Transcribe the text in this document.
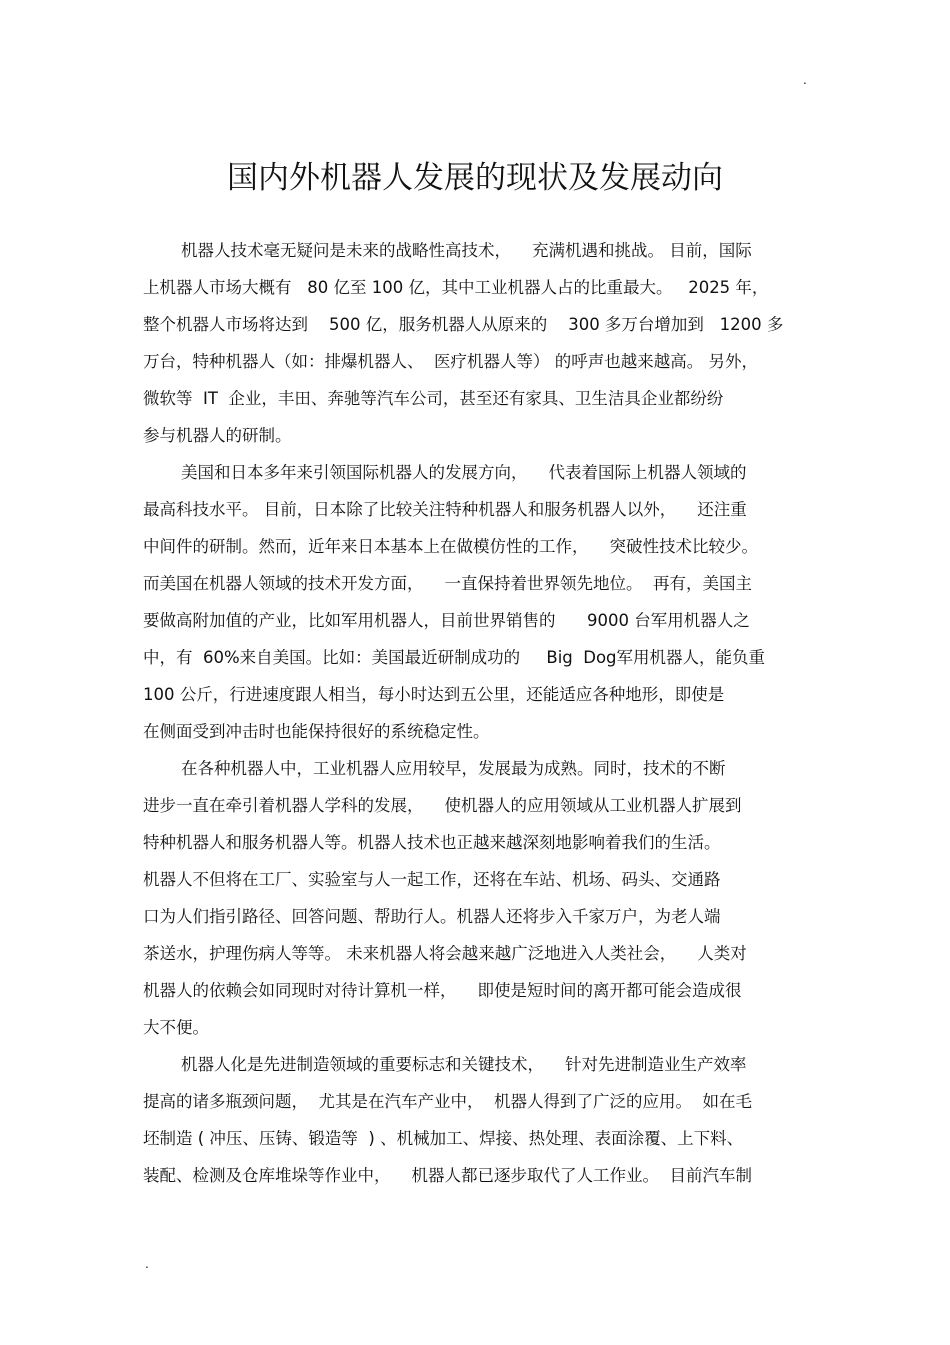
.
国内外机器人发展的现状及发展动向
机器人技术毫无疑问是未来的战略性高技术，    充满机遇和挑战。 目前，国际
上机器人市场大概有   80 亿至 100 亿，其中工业机器人占的比重最大。   2025 年，
整个机器人市场将达到    500 亿，服务机器人从原来的    300 多万台增加到   1200 多
万台，特种机器人（如：排爆机器人、  医疗机器人等） 的呼声也越来越高。 另外，
微软等  IT  企业，丰田、奔驰等汽车公司，甚至还有家具、卫生洁具企业都纷纷
参与机器人的研制。
美国和日本多年来引领国际机器人的发展方向，    代表着国际上机器人领域的
最高科技水平。 目前，日本除了比较关注特种机器人和服务机器人以外，    还注重
中间件的研制。然而，近年来日本基本上在做模仿性的工作，    突破性技术比较少。
而美国在机器人领域的技术开发方面，    一直保持着世界领先地位。  再有，美国主
要做高附加值的产业，比如军用机器人，目前世界销售的      9000 台军用机器人之
中，有  60%来自美国。比如：美国最近研制成功的     Big  Dog军用机器人，能负重
100 公斤，行进速度跟人相当，每小时达到五公里，还能适应各种地形，即使是
在侧面受到冲击时也能保持很好的系统稳定性。
在各种机器人中，工业机器人应用较早，发展最为成熟。同时，技术的不断
进步一直在牵引着机器人学科的发展，    使机器人的应用领域从工业机器人扩展到
特种机器人和服务机器人等。机器人技术也正越来越深刻地影响着我们的生活。
机器人不但将在工厂、实验室与人一起工作，还将在车站、机场、码头、交通路
口为人们指引路径、回答问题、帮助行人。机器人还将步入千家万户，为老人端
茶送水，护理伤病人等等。 未来机器人将会越来越广泛地进入人类社会，    人类对
机器人的依赖会如同现时对待计算机一样，    即使是短时间的离开都可能会造成很
大不便。
机器人化是先进制造领域的重要标志和关键技术，    针对先进制造业生产效率
提高的诸多瓶颈问题，  尤其是在汽车产业中，  机器人得到了广泛的应用。  如在毛
坯制造 ( 冲压、压铸、锻造等  ) 、机械加工、焊接、热处理、表面涂覆、上下料、
装配、检测及仓库堆垛等作业中，    机器人都已逐步取代了人工作业。  目前汽车制
.
